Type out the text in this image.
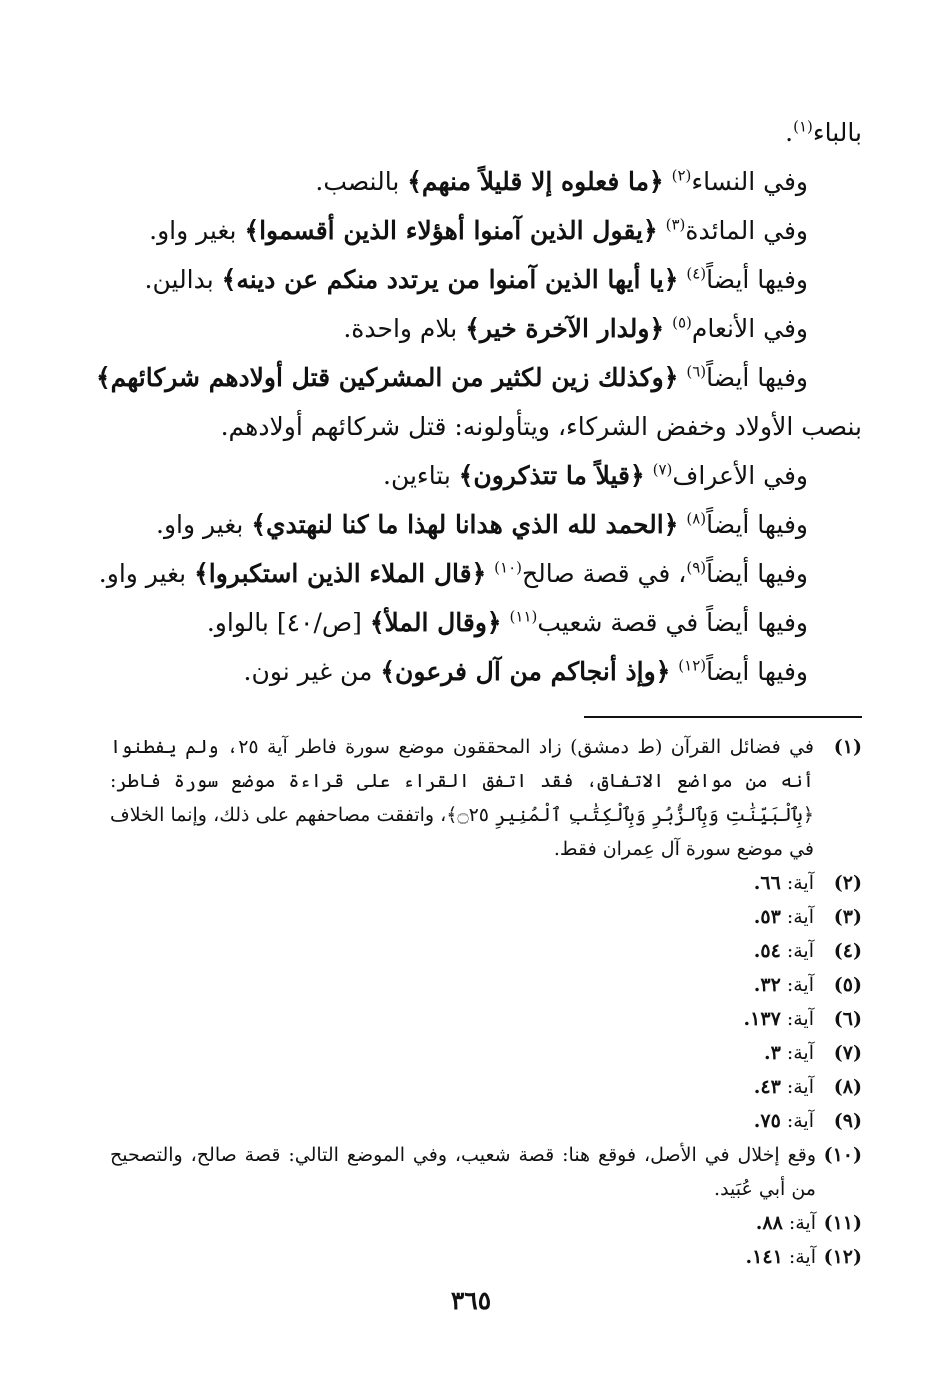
بالباء$^{(١)}$.
وفي النساء$^{(٢)}$ ﴿ما فعلوه إلا قليلاً منهم﴾ بالنصب.
وفي المائدة$^{(٣)}$ ﴿يقول الذين آمنوا أهؤلاء الذين أقسموا﴾ بغير واو.
وفيها أيضاً$^{(٤)}$ ﴿يا أيها الذين آمنوا من يرتدد منكم عن دينه﴾ بدالين.
وفي الأنعام$^{(٥)}$ ﴿ولدار الآخرة خير﴾ بلام واحدة.
وفيها أيضاً$^{(٦)}$ ﴿وكذلك زين لكثير من المشركين قتل أولادهم شركائهم﴾
بنصب الأولاد وخفض الشركاء، ويتأولونه: قتل شركائهم أولادهم.
وفي الأعراف$^{(٧)}$ ﴿قيلاً ما تتذكرون﴾ بتاءين.
وفيها أيضاً$^{(٨)}$ ﴿الحمد لله الذي هدانا لهذا ما كنا لنهتدي﴾ بغير واو.
وفيها أيضاً$^{(٩)}$، في قصة صالح$^{(١٠)}$ ﴿قال الملاء الذين استكبروا﴾ بغير واو.
وفيها أيضاً في قصة شعيب$^{(١١)}$ ﴿وقال الملأ﴾ [ص/٤٠] بالواو.
وفيها أيضاً$^{(١٢)}$ ﴿وإذ أنجاكم من آل فرعون﴾ من غير نون.
(١)
في فضائل القرآن (ط دمشق) زاد المحققون موضع سورة فاطر آية ٢٥، ولم يفطنوا أنه من مواضع الاتفاق، فقد اتفق القراء على قراءة موضع سورة فاطر: ﴿بِٱلْبَيِّنَٰتِ وَبِٱلزُّبُرِ وَبِٱلْكِتَٰبِ ٱلْمُنِيرِ ۝٢٥﴾، واتفقت مصاحفهم على ذلك، وإنما الخلاف في موضع سورة آل عِمران فقط.
(٢)
آية: ٦٦.
(٣)
آية: ٥٣.
(٤)
آية: ٥٤.
(٥)
آية: ٣٢.
(٦)
آية: ١٣٧.
(٧)
آية: ٣.
(٨)
آية: ٤٣.
(٩)
آية: ٧٥.
(١٠)
وقع إخلال في الأصل، فوقع هنا: قصة شعيب، وفي الموضع التالي: قصة صالح، والتصحيح من أبي عُبَيد.
(١١)
آية: ٨٨.
(١٢)
آية: ١٤١.
٣٦٥
